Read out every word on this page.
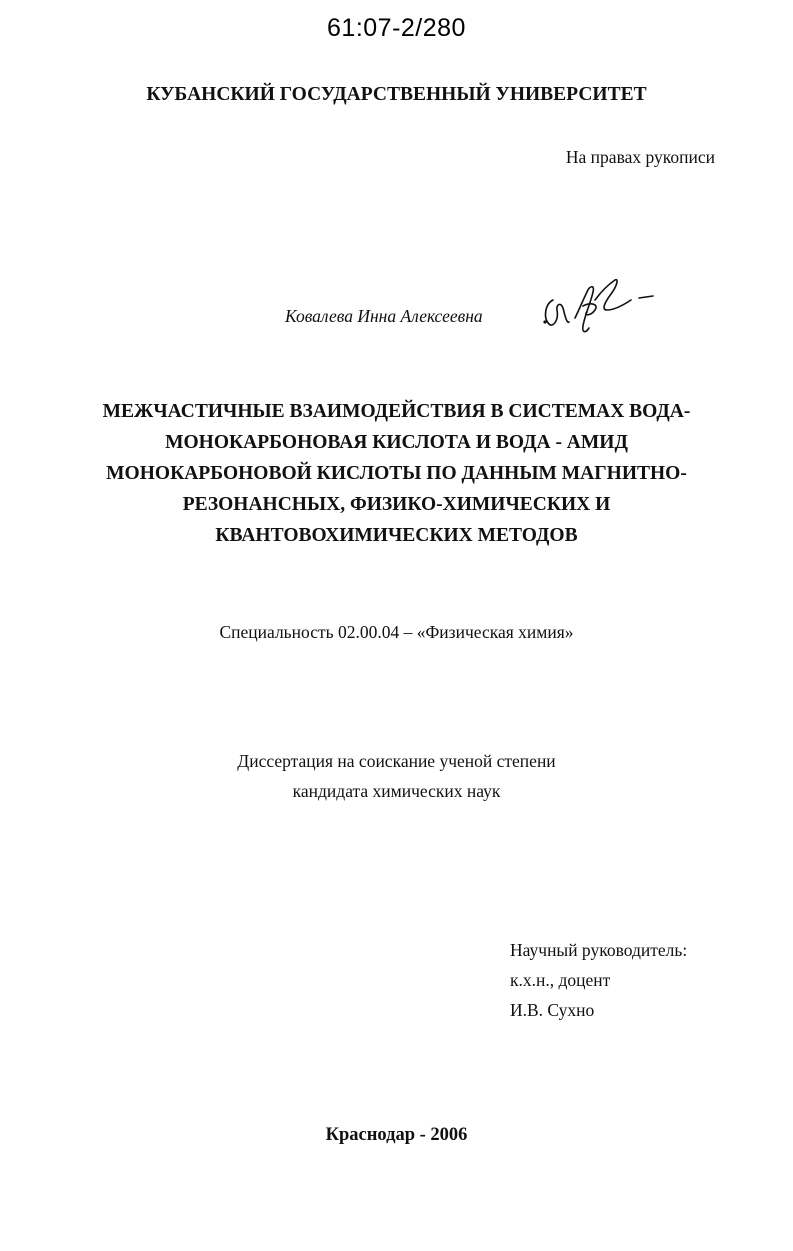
61:07-2/280
КУБАНСКИЙ ГОСУДАРСТВЕННЫЙ УНИВЕРСИТЕТ
На правах рукописи
Ковалева Инна Алексеевна
МЕЖЧАСТИЧНЫЕ ВЗАИМОДЕЙСТВИЯ В СИСТЕМАХ ВОДА-
МОНОКАРБОНОВАЯ КИСЛОТА И ВОДА - АМИД
МОНОКАРБОНОВОЙ КИСЛОТЫ ПО ДАННЫМ МАГНИТНО-
РЕЗОНАНСНЫХ, ФИЗИКО-ХИМИЧЕСКИХ И
КВАНТОВОХИМИЧЕСКИХ МЕТОДОВ
Специальность 02.00.04 – «Физическая химия»
Диссертация на соискание ученой степени
кандидата химических наук
Научный руководитель:
к.х.н., доцент
И.В. Сухно
Краснодар - 2006
